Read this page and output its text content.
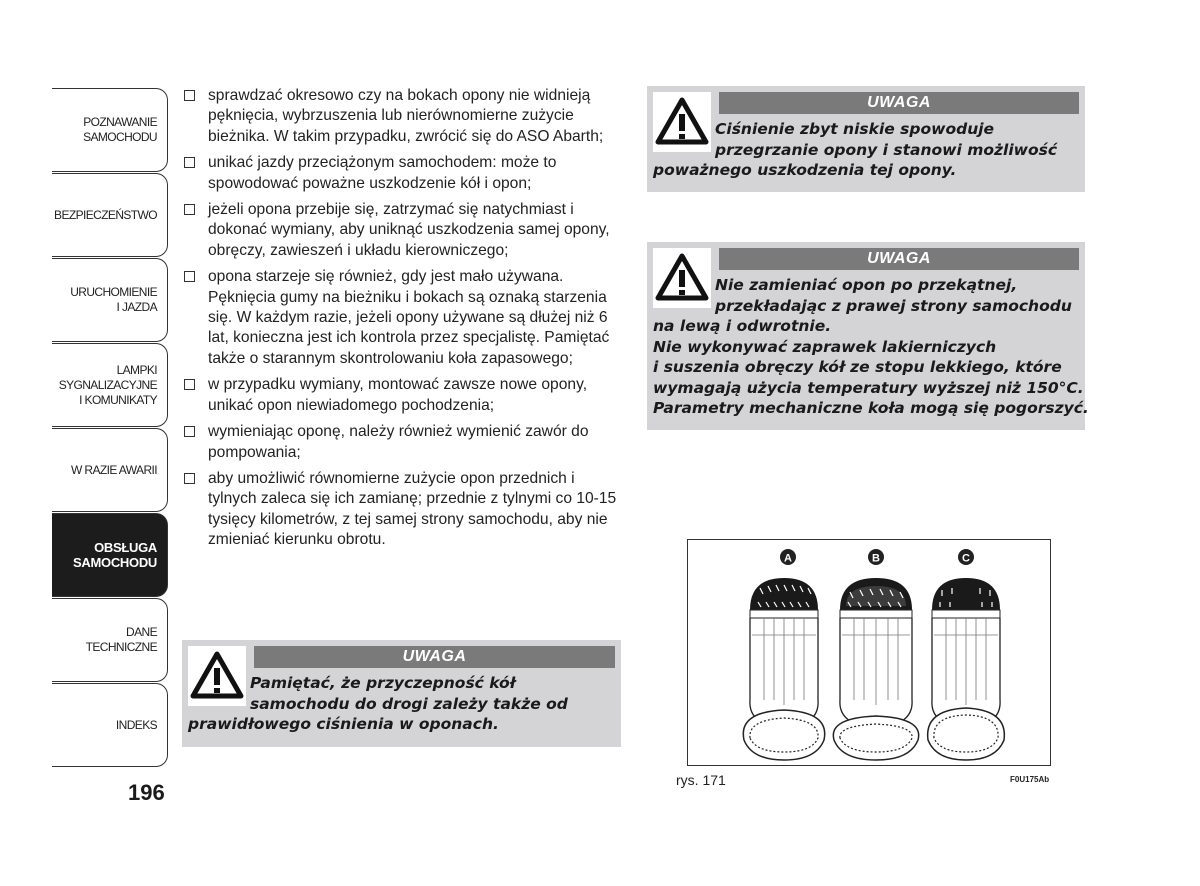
POZNAWANIE
SAMOCHODU
BEZPIECZEŃSTWO
URUCHOMIENIE
I JAZDA
LAMPKI
SYGNALIZACYJNE
I KOMUNIKATY
W RAZIE AWARII
OBSŁUGA
SAMOCHODU
DANE
TECHNICZNE
INDEKS
196
sprawdzać okresowo czy na bokach opony nie widnieją pęknięcia, wybrzuszenia lub nierównomierne zużycie bieżnika. W takim przypadku, zwrócić się do ASO Abarth;
unikać jazdy przeciążonym samochodem: może to spowodować poważne uszkodzenie kół i opon;
jeżeli opona przebije się, zatrzymać się natychmiast i dokonać wymiany, aby uniknąć uszkodzenia samej opony, obręczy, zawieszeń i układu kierowniczego;
opona starzeje się również, gdy jest mało używana. Pęknięcia gumy na bieżniku i bokach są oznaką starzenia się. W każdym razie, jeżeli opony używane są dłużej niż 6 lat, konieczna jest ich kontrola przez specjalistę. Pamiętać także o starannym skontrolowaniu koła zapasowego;
w przypadku wymiany, montować zawsze nowe opony, unikać opon niewiadomego pochodzenia;
wymieniając oponę, należy również wymienić zawór do pompowania;
aby umożliwić równomierne zużycie opon przednich i tylnych zaleca się ich zamianę; przednie z tylnymi co 10-15 tysięcy kilometrów, z tej samej strony samochodu, aby nie zmieniać kierunku obrotu.
UWAGA
Pamiętać, że przyczepność kół
samochodu do drogi zależy także od
prawidłowego ciśnienia w oponach.
UWAGA
Ciśnienie zbyt niskie spowoduje
przegrzanie opony i stanowi możliwość
poważnego uszkodzenia tej opony.
UWAGA
Nie zamieniać opon po przekątnej,
przekładając z prawej strony samochodu
na lewą i odwrotnie.
Nie wykonywać zaprawek lakierniczych
i suszenia obręczy kół ze stopu lekkiego, które
wymagają użycia temperatury wyższej niż 150°C.
Parametry mechaniczne koła mogą się pogorszyć.
A	B	C
rys. 171	F0U175Ab
